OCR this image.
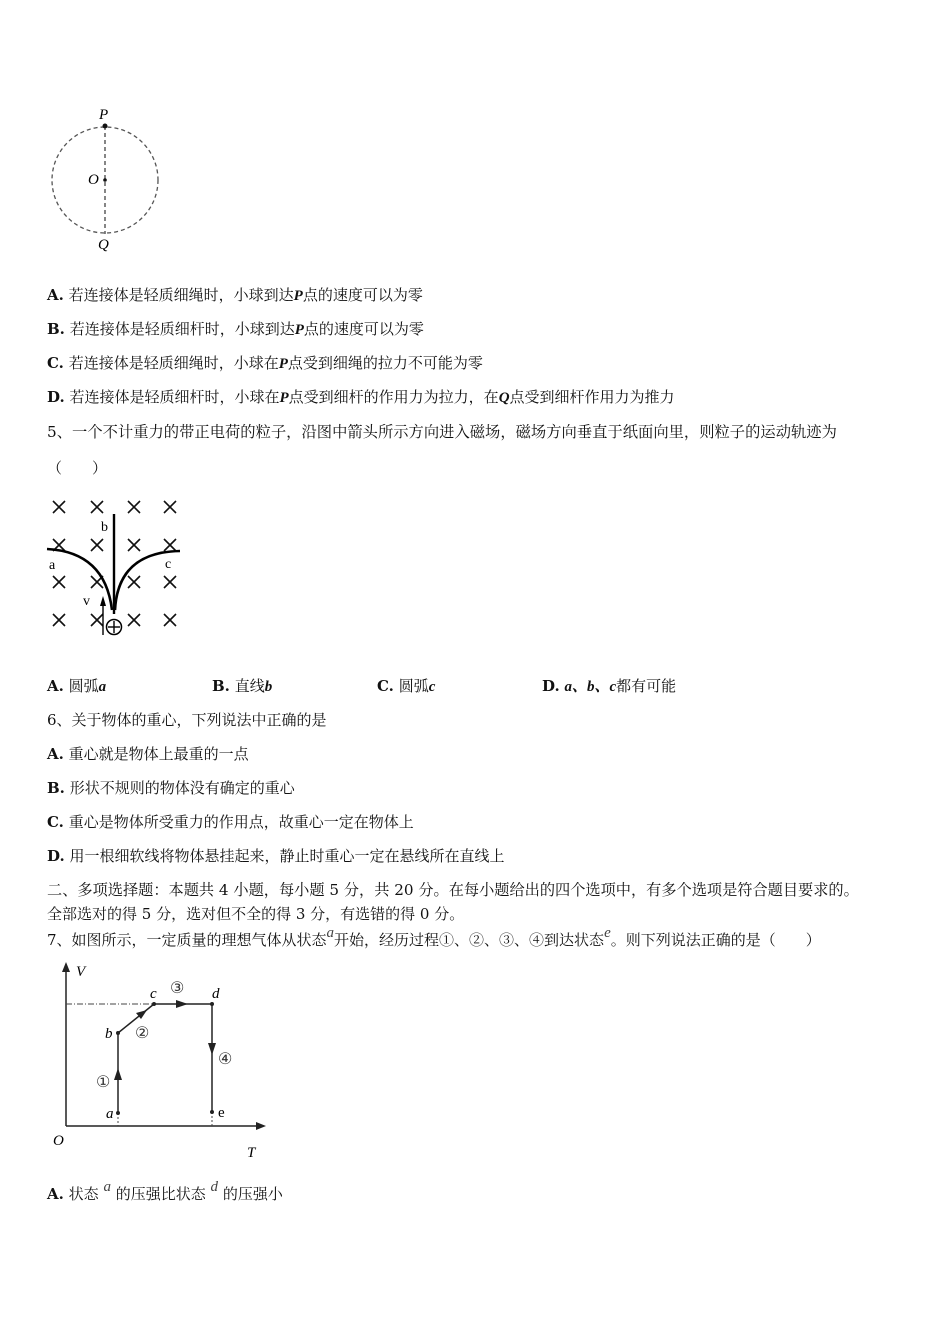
P
O
Q
A. 若连接体是轻质细绳时，小球到达P点的速度可以为零
B. 若连接体是轻质细杆时，小球到达P点的速度可以为零
C. 若连接体是轻质细绳时，小球在P点受到细绳的拉力不可能为零
D. 若连接体是轻质细杆时，小球在P点受到细杆的作用力为拉力，在Q点受到细杆作用力为推力
5、一个不计重力的带正电荷的粒子，沿图中箭头所示方向进入磁场，磁场方向垂直于纸面向里，则粒子的运动轨迹为
（　　）
b
a	c
v
A. 圆弧a	B. 直线b	C. 圆弧c	D. a、b、c都有可能
6、关于物体的重心，下列说法中正确的是
A. 重心就是物体上最重的一点
B. 形状不规则的物体没有确定的重心
C. 重心是物体所受重力的作用点，故重心一定在物体上
D. 用一根细软线将物体悬挂起来，静止时重心一定在悬线所在直线上
二、多项选择题：本题共 4 小题，每小题 5 分，共 20 分。在每小题给出的四个选项中，有多个选项是符合题目要求的。
全部选对的得 5 分，选对但不全的得 3 分，有选错的得 0 分。
7、如图所示，一定质量的理想气体从状态a开始，经历过程①、②、③、④到达状态e。则下列说法正确的是（　　）
V
T
O
a
b
c	d
e
①
②
③
④
A. 状态 a 的压强比状态 d 的压强小
